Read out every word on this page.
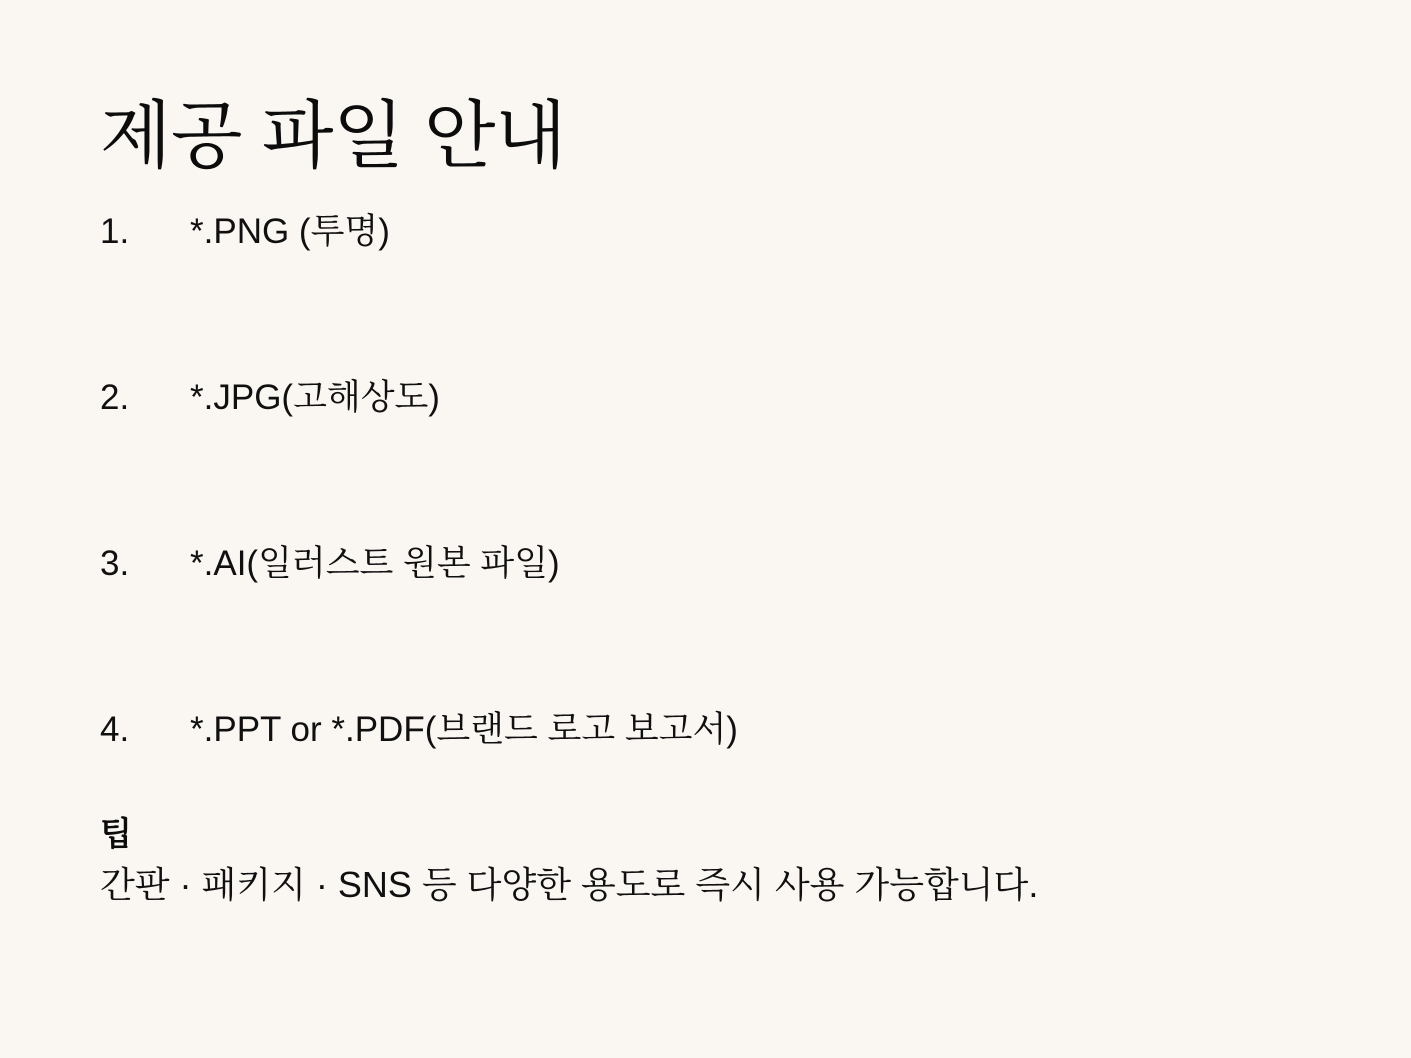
제공 파일 안내
1.	*.PNG (투명)
2.	*.JPG(고해상도)
3.	*.AI(일러스트 원본 파일)
4.	*.PPT or *.PDF(브랜드 로고 보고서)

팁

간판 · 패키지 · SNS 등 다양한 용도로 즉시 사용 가능합니다.
